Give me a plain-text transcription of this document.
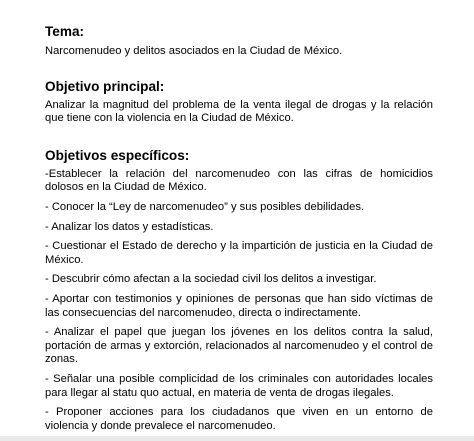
Tema:

Narcomenudeo y delitos asociados en la Ciudad de México.

Objetivo principal:

Analizar la magnitud del problema de la venta ilegal de drogas y la relación que tiene con la violencia en la Ciudad de México.

Objetivos específicos:

-Establecer la relación del narcomenudeo con las cifras de homicidios dolosos en la Ciudad de México.

- Conocer la “Ley de narcomenudeo” y sus posibles debilidades.

- Analizar los datos y estadísticas.

- Cuestionar el Estado de derecho y la impartición de justicia en la Ciudad de México.

- Descubrir cómo afectan a la sociedad civil los delitos a investigar.

- Aportar con testimonios y opiniones de personas que han sido víctimas de las consecuencias del narcomenudeo, directa o indirectamente.

- Analizar el papel que juegan los jóvenes en los delitos contra la salud, portación de armas y extorción, relacionados al narcomenudeo y el control de zonas.

- Señalar una posible complicidad de los criminales con autoridades locales para llegar al statu quo actual, en materia de venta de drogas ilegales.

- Proponer acciones para los ciudadanos que viven en un entorno de violencia y donde prevalece el narcomenudeo.
